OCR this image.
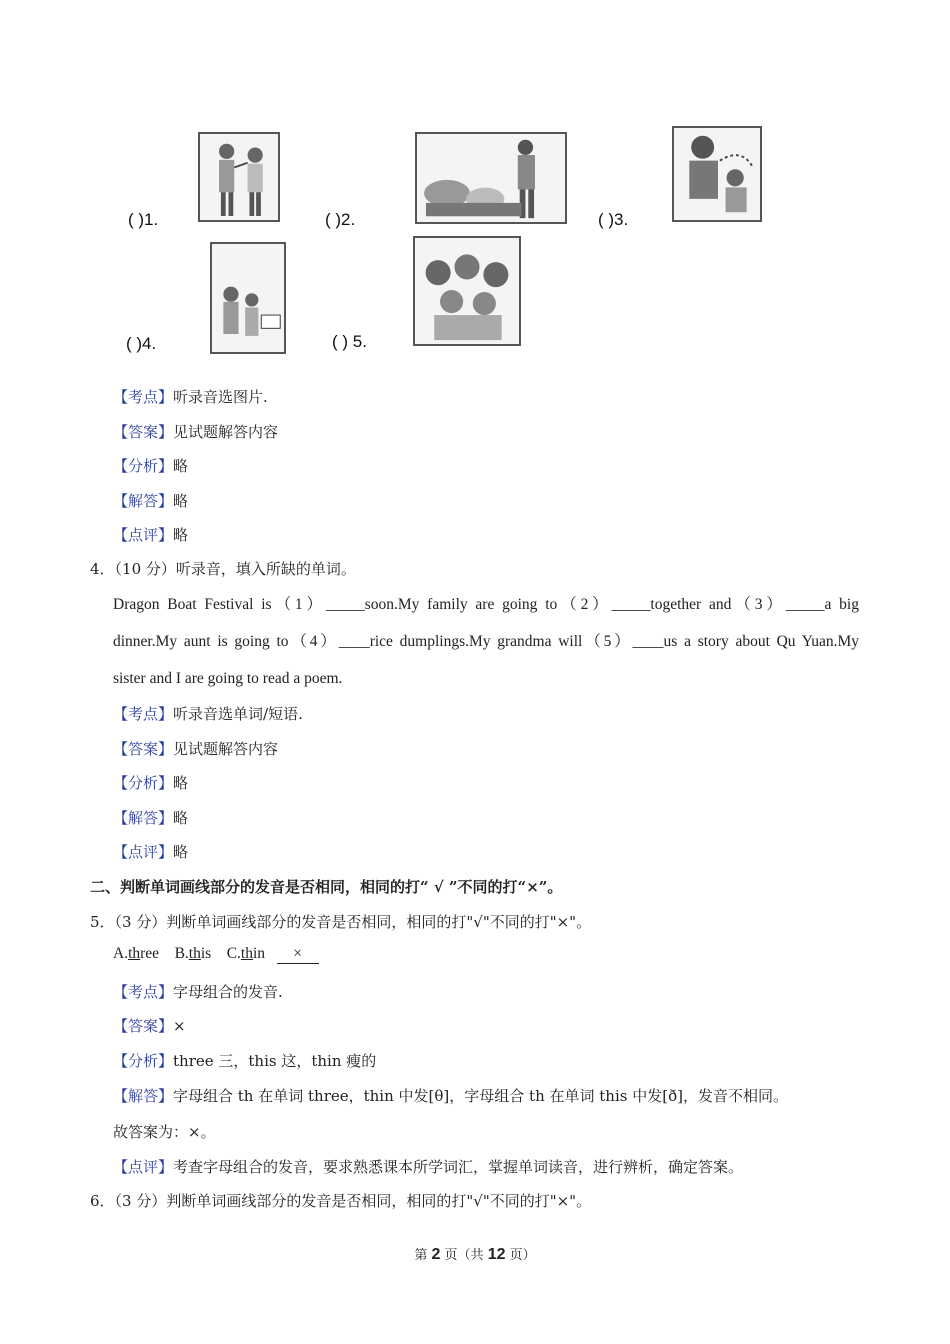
( )1.	( )2.	( )3.
( )4.	( ) 5.
【考点】听录音选图片.
【答案】见试题解答内容
【分析】略
【解答】略
【点评】略
4．（10 分）听录音，填入所缺的单词。
Dragon Boat Festival is（1）_____soon.My family are going to（2）_____together and（3）_____a big
dinner.My aunt is going to（4）____rice dumplings.My grandma will（5）____us a story about Qu Yuan.My
sister and I are going to read a poem.
【考点】听录音选单词/短语.
【答案】见试题解答内容
【分析】略
【解答】略
【点评】略
二、判断单词画线部分的发音是否相同，相同的打“ √ ”不同的打“×”。
5．（3 分）判断单词画线部分的发音是否相同，相同的打"√"不同的打"×"。
A.three B.this C.thin ×
【考点】字母组合的发音.
【答案】×
【分析】three 三，this 这，thin 瘦的
【解答】字母组合 th 在单词 three，thin 中发[θ]，字母组合 th 在单词 this 中发[ð]，发音不相同。
故答案为：×。
【点评】考查字母组合的发音，要求熟悉课本所学词汇，掌握单词读音，进行辨析，确定答案。
6．（3 分）判断单词画线部分的发音是否相同，相同的打"√"不同的打"×"。
第 2 页（共 12 页）
